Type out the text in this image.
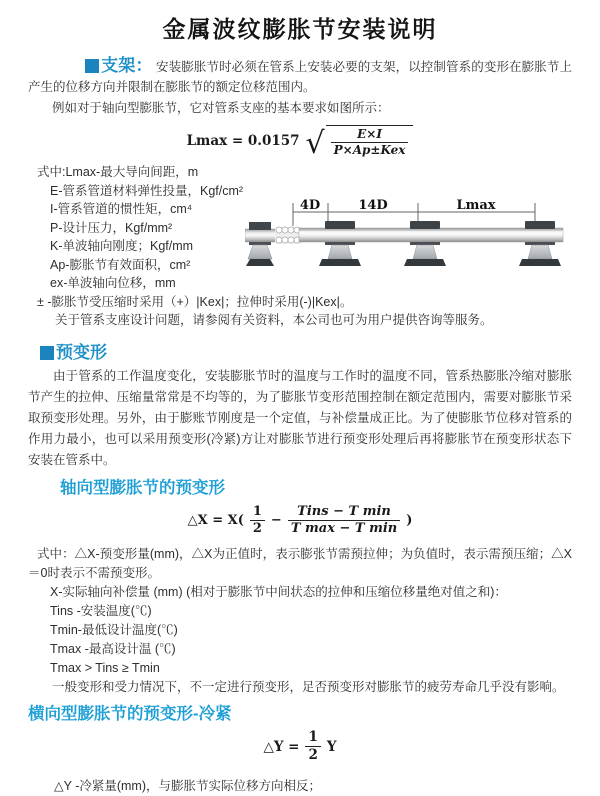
金属波纹膨胀节安装说明

支架： 安装膨胀节时必须在管系上安装必要的支架，以控制管系的变形在膨胀节上产生的位移方向并限制在膨胀节的额定位移范围内。

例如对于轴向型膨胀节，它对管系支座的基本要求如图所示：

Lmax = 0.0157 √ $\frac{E\times I}{\text{P×Ap±Kex}}$

式中:Lmax-最大导向间距，m

E-管系管道材料弹性投量，Kgf/cm²

I-管系管道的惯性矩，cm⁴

P-设计压力，Kgf/mm²

K-单波轴向刚度；Kgf/mm

Ap-膨胀节有效面积，cm²

ex-单波轴向位移，mm

± -膨胀节受压缩时采用（+）|Kex|；拉伸时采用(-)|Kex|。

关于管系支座设计问题，请参阅有关资料，本公司也可为用户提供咨询等服务。

4D	14D	Lmax
预变形

由于管系的工作温度变化，安装膨胀节时的温度与工作时的温度不同，管系热膨胀冷缩对膨胀节产生的拉伸、压缩量常常是不均等的，为了膨胀节变形范围控制在额定范围内，需要对膨胀节采取预变形处理。另外，由于膨账节刚度是一个定值，与补偿量成正比。为了使膨胀节位移对管系的作用力最小，也可以采用预变形(冷紧)方让对膨胀节进行预变形处理后再将膨胀节在预变形状态下安装在管系中。

轴向型膨胀节的预变形
△X = $X( \frac{1}{2} - \frac{\text{Tins − T min}}{\text{T max − T min}}$ )

式中：△X-预变形量(mm)，△X为正值时，表示膨张节需预拉伸；为负值时，表示需预压缩；△X＝0时表示不需预变形。

X-实际轴向补偿量 (mm) (相对于膨胀节中间状态的拉伸和压缩位移量绝对值之和)：

Tins -安装温度(℃)

Tmin-最低设计温度(℃)

Tmax -最高设计温 (℃)

Tmax > Tins ≥ Tmin

一般变形和受力情况下，不一定进行预变形，足否预变形对膨胀节的疲劳寿命几乎没有影响。

横向型膨胀节的预变形-冷紧
△Y = $\frac{1}{2}$ Y

△Y -冷紧量(mm)，与膨胀节实际位移方向相反；
